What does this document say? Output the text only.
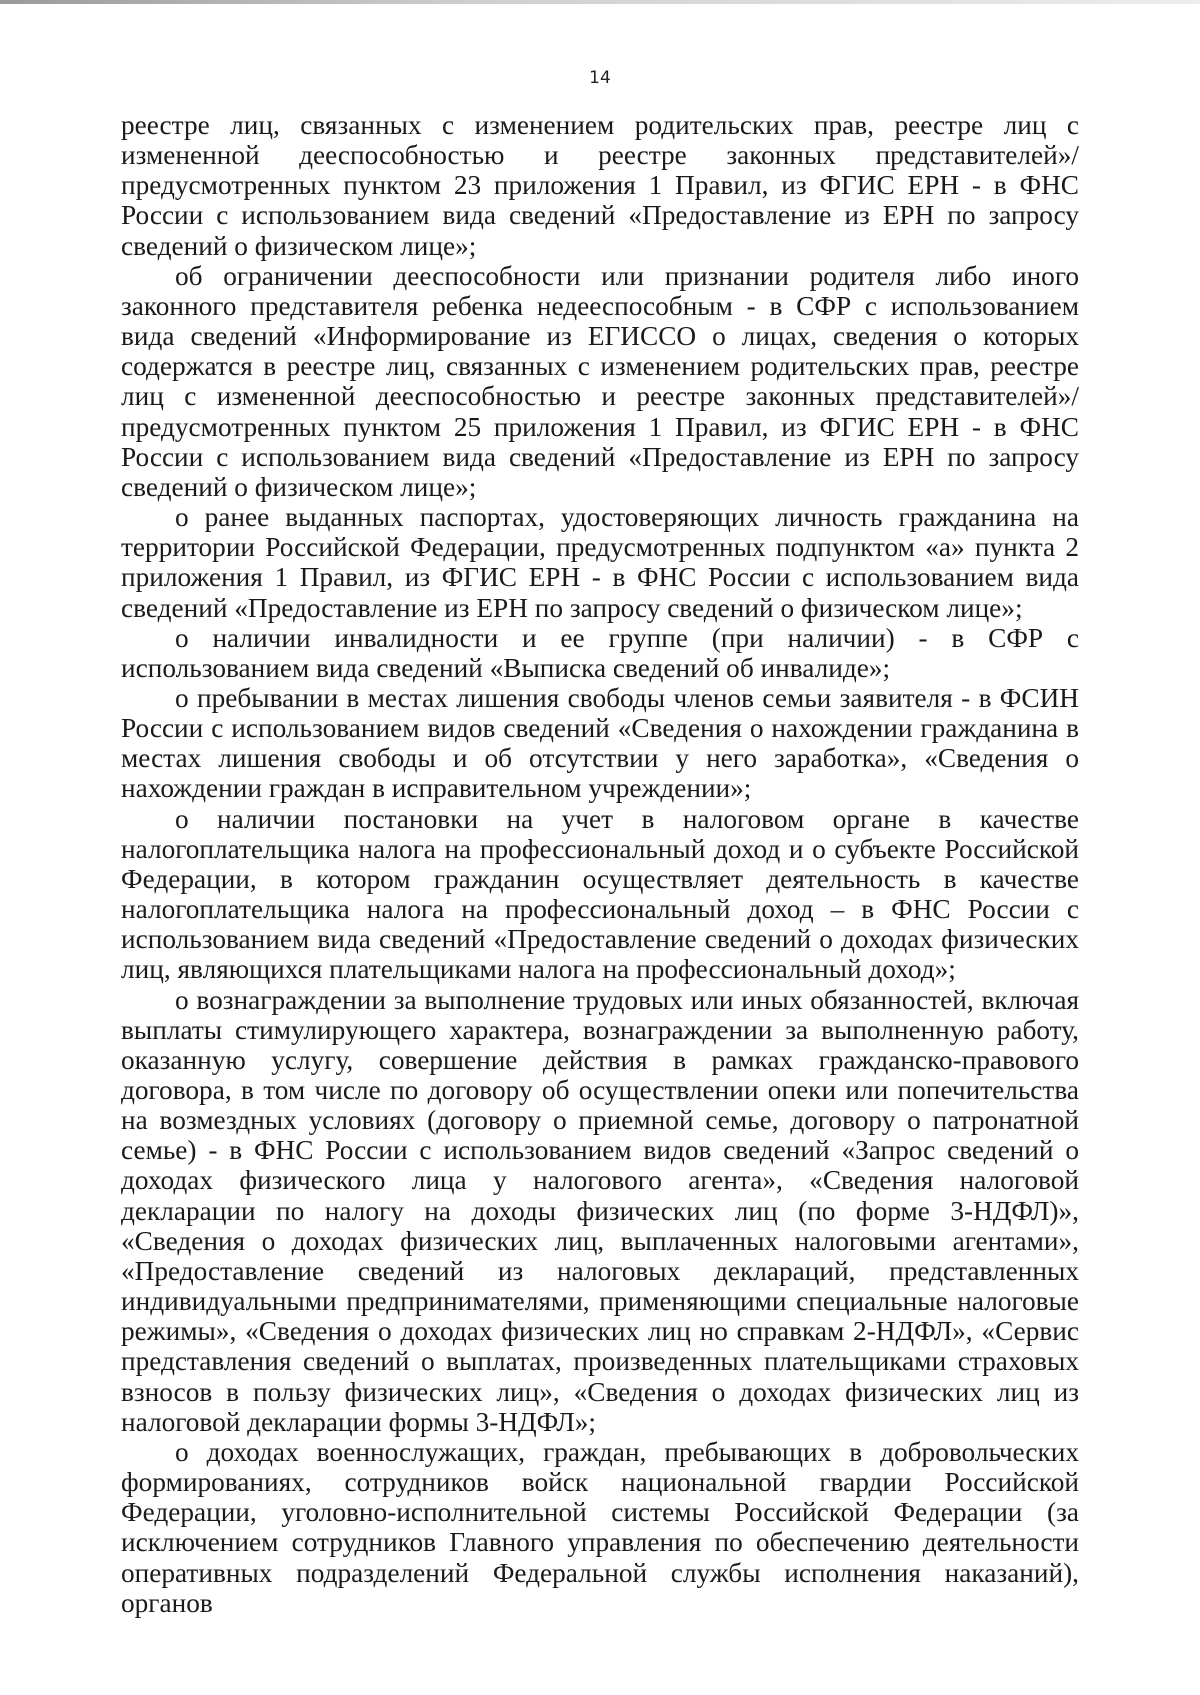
14

реестре лиц, связанных с изменением родительских прав, реестре лиц с измененной дееспособностью и реестре законных представителей»/предусмотренных пунктом 23 приложения 1 Правил, из ФГИС ЕРН - в ФНС России с использованием вида сведений «Предоставление из ЕРН по запросу сведений о физическом лице»;

об ограничении дееспособности или признании родителя либо иного законного представителя ребенка недееспособным - в СФР с использованием вида сведений «Информирование из ЕГИССО о лицах, сведения о которых содержатся в реестре лиц, связанных с изменением родительских прав, реестре лиц с измененной дееспособностью и реестре законных представителей»/предусмотренных пунктом 25 приложения 1 Правил, из ФГИС ЕРН - в ФНС России с использованием вида сведений «Предоставление из ЕРН по запросу сведений о физическом лице»;

о ранее выданных паспортах, удостоверяющих личность гражданина на территории Российской Федерации, предусмотренных подпунктом «а» пункта 2 приложения 1 Правил, из ФГИС ЕРН - в ФНС России с использованием вида сведений «Предоставление из ЕРН по запросу сведений о физическом лице»;

о наличии инвалидности и ее группе (при наличии) - в СФР с использованием вида сведений «Выписка сведений об инвалиде»;

о пребывании в местах лишения свободы членов семьи заявителя - в ФСИН России с использованием видов сведений «Сведения о нахождении гражданина в местах лишения свободы и об отсутствии у него заработка», «Сведения о нахождении граждан в исправительном учреждении»;

о наличии постановки на учет в налоговом органе в качестве налогоплательщика налога на профессиональный доход и о субъекте Российской Федерации, в котором гражданин осуществляет деятельность в качестве налогоплательщика налога на профессиональный доход – в ФНС России с использованием вида сведений «Предоставление сведений о доходах физических лиц, являющихся плательщиками налога на профессиональный доход»;

о вознаграждении за выполнение трудовых или иных обязанностей, включая выплаты стимулирующего характера, вознаграждении за выполненную работу, оказанную услугу, совершение действия в рамках гражданско-правового договора, в том числе по договору об осуществлении опеки или попечительства на возмездных условиях (договору о приемной семье, договору о патронатной семье) - в ФНС России с использованием видов сведений «Запрос сведений о доходах физического лица у налогового агента», «Сведения налоговой декларации по налогу на доходы физических лиц (по форме 3-НДФЛ)», «Сведения о доходах физических лиц, выплаченных налоговыми агентами», «Предоставление сведений из налоговых деклараций, представленных индивидуальными предпринимателями, применяющими специальные налоговые режимы», «Сведения о доходах физических лиц но справкам 2-НДФЛ», «Сервис представления сведений о выплатах, произведенных плательщиками страховых взносов в пользу физических лиц», «Сведения о доходах физических лиц из налоговой декларации формы 3-НДФЛ»;

о доходах военнослужащих, граждан, пребывающих в добровольческих формированиях, сотрудников войск национальной гвардии Российской Федерации, уголовно-исполнительной системы Российской Федерации (за исключением сотрудников Главного управления по обеспечению деятельности оперативных подразделений Федеральной службы исполнения наказаний), органов
